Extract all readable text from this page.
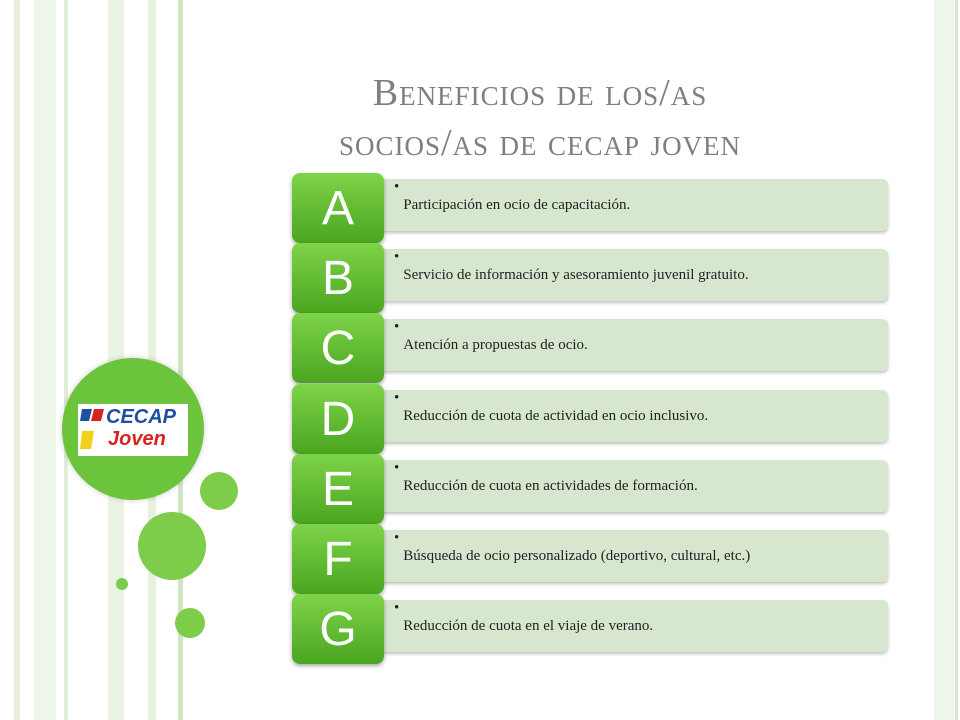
Beneficios de los/as
socios/as de cecap joven
CECAP
Joven
•
Participación en ocio de capacitación.
A
•
Servicio de información y asesoramiento juvenil gratuito.
B
•
Atención a propuestas de ocio.
C
•
Reducción de cuota de actividad en ocio inclusivo.
D
•
Reducción de cuota en actividades de formación.
E
•
Búsqueda de ocio personalizado (deportivo, cultural, etc.)
F
•
Reducción de cuota en el viaje de verano.
G
